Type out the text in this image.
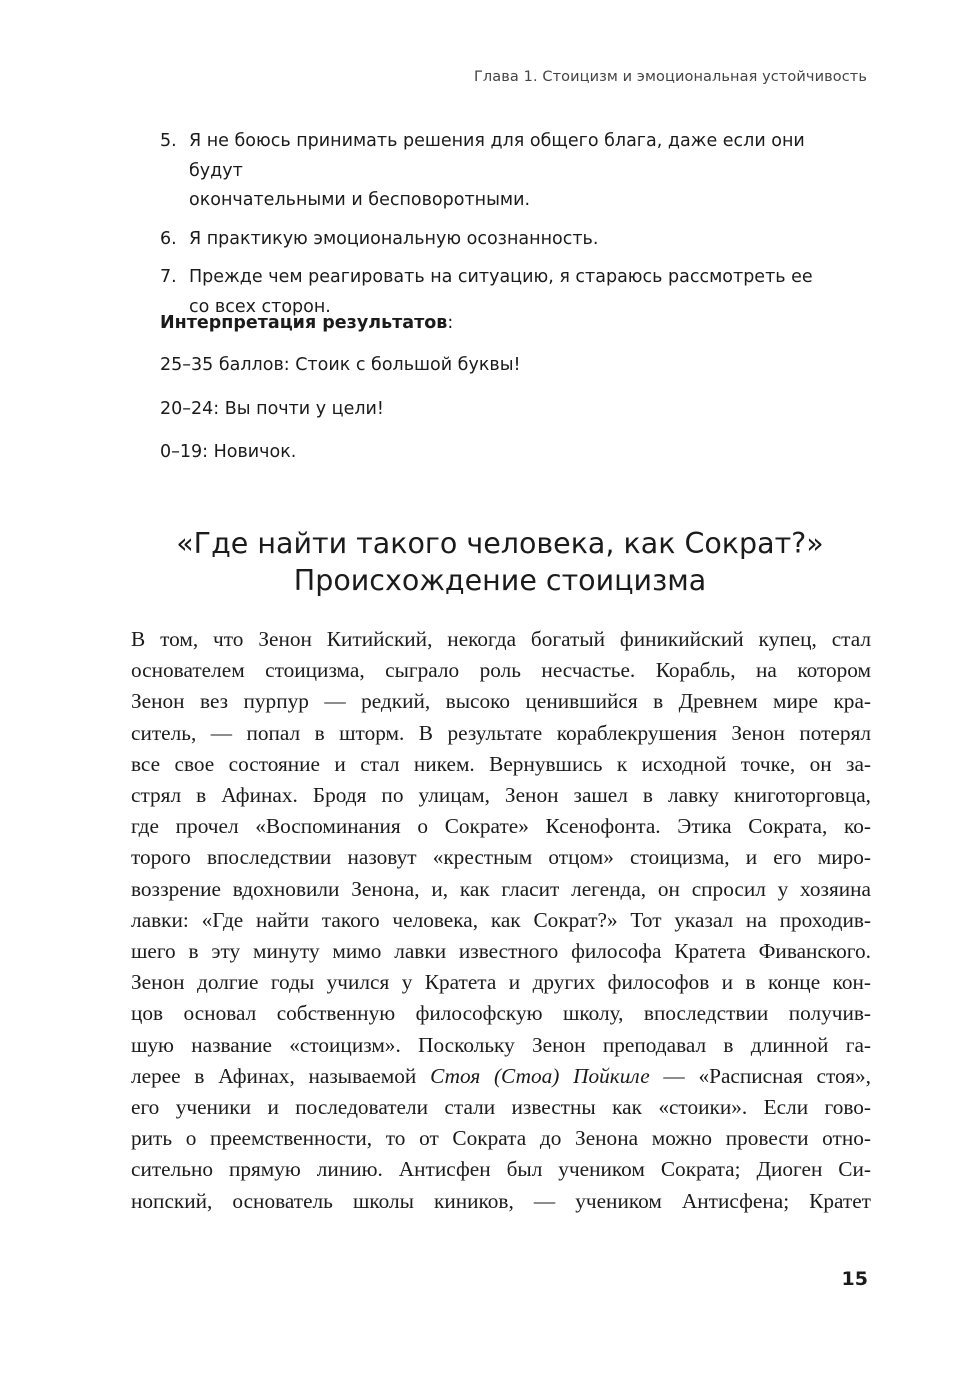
Глава 1. Стоицизм и эмоциональная устойчивость
5. Я не боюсь принимать решения для общего блага, даже если они будут
окончательными и бесповоротными.
6. Я практикую эмоциональную осознанность.
7. Прежде чем реагировать на ситуацию, я стараюсь рассмотреть ее
со всех сторон.

Интерпретация результатов:

25–35 баллов: Стоик с большой буквы!

20–24: Вы почти у цели!

0–19: Новичок.

«Где найти такого человека, как Сократ?»
Происхождение стоицизма
В том, что Зенон Китийский, некогда богатый финикийский купец, стал
основателем стоицизма, сыграло роль несчастье. Корабль, на котором
Зенон вез пурпур — редкий, высоко ценившийся в Древнем мире кра-
ситель, — попал в шторм. В результате кораблекрушения Зенон потерял
все свое состояние и стал никем. Вернувшись к исходной точке, он за-
стрял в Афинах. Бродя по улицам, Зенон зашел в лавку книготорговца,
где прочел «Воспоминания о Сократе» Ксенофонта. Этика Сократа, ко-
торого впоследствии назовут «крестным отцом» стоицизма, и его миро-
воззрение вдохновили Зенона, и, как гласит легенда, он спросил у хозяина
лавки: «Где найти такого человека, как Сократ?» Тот указал на проходив-
шего в эту минуту мимо лавки известного философа Кратета Фиванского.
Зенон долгие годы учился у Кратета и других философов и в конце кон-
цов основал собственную философскую школу, впоследствии получив-
шую название «стоицизм». Поскольку Зенон преподавал в длинной га-
лерее в Афинах, называемой Стоя (Стоа) Пойкиле — «Расписная стоя»,
его ученики и последователи стали известны как «стоики». Если гово-
рить о преемственности, то от Сократа до Зенона можно провести отно-
сительно прямую линию. Антисфен был учеником Сократа; Диоген Си-
нопский, основатель школы киников, — учеником Антисфена; Кратет
15
